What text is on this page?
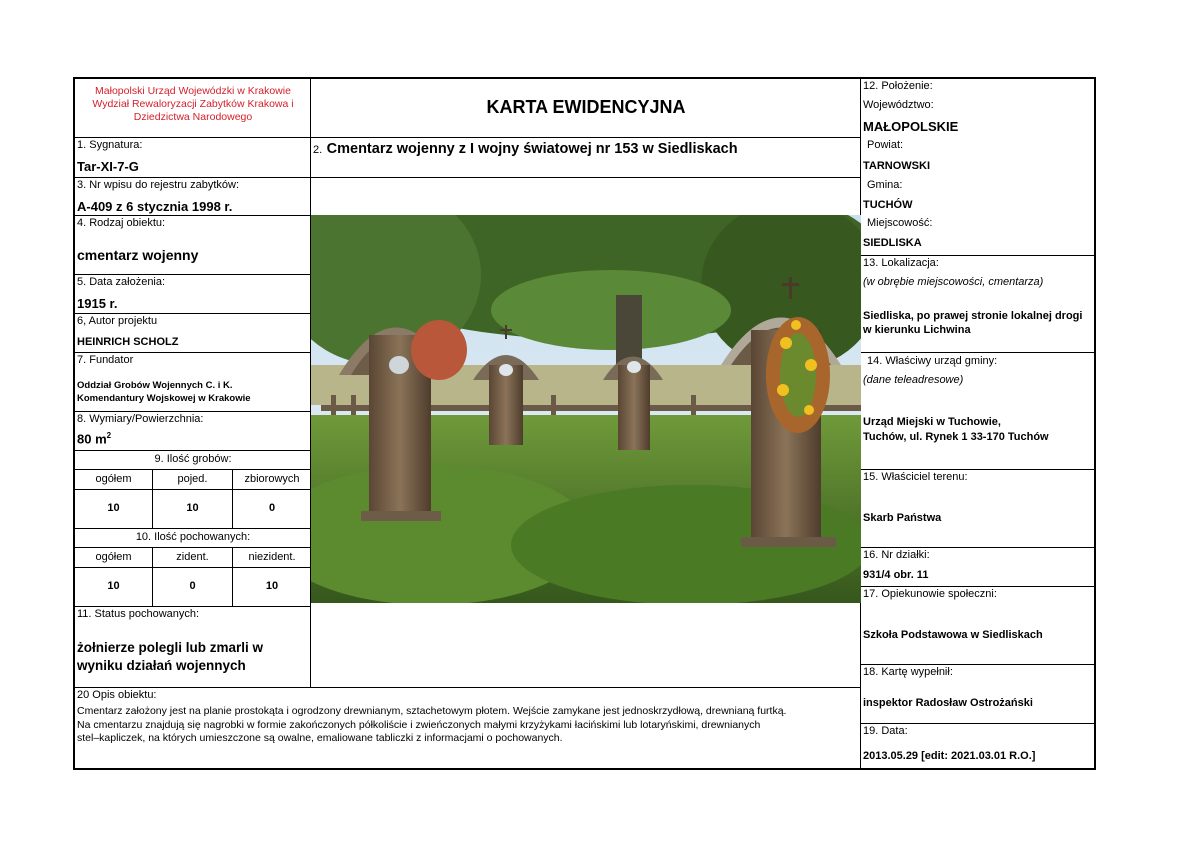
Małopolski Urząd Wojewódzki w Krakowie
Wydział Rewaloryzacji Zabytków Krakowa i
Dziedzictwa Narodowego
1. Sygnatura:
Tar-XI-7-G
3. Nr wpisu do rejestru zabytków:
A-409 z 6 stycznia 1998 r.
4. Rodzaj obiektu:
cmentarz wojenny
5. Data założenia:
1915 r.
6, Autor projektu
HEINRICH SCHOLZ
7. Fundator
Oddział Grobów Wojennych C. i K.
Komendantury Wojskowej w Krakowie
8. Wymiary/Powierzchnia:
80 $m^2$
9. Ilość grobów:
ogółem	pojed.	zbiorowych
10	10	0
10. Ilość pochowanych:
ogółem	zident.	niezident.
10	0	10
11. Status pochowanych:
żołnierze polegli lub zmarli w
wyniku działań wojennych
KARTA EWIDENCYJNA
2. Cmentarz wojenny z I wojny światowej nr 153 w Siedliskach
12. Położenie:
Województwo:
MAŁOPOLSKIE
Powiat:
TARNOWSKI
Gmina:
TUCHÓW
Miejscowość:
SIEDLISKA
13. Lokalizacja:
(w obrębie miejscowości, cmentarza)
Siedliska, po prawej stronie lokalnej drogi
w kierunku Lichwina
14. Właściwy urząd gminy:
(dane teleadresowe)
Urząd Miejski w Tuchowie,
Tuchów, ul. Rynek 1 33-170 Tuchów
15. Właściciel terenu:
Skarb Państwa
16. Nr działki:
931/4 obr. 11
17. Opiekunowie społeczni:
Szkoła Podstawowa w Siedliskach
18. Kartę wypełnił:
inspektor Radosław Ostrożański
19. Data:
2013.05.29 [edit: 2021.03.01 R.O.]
20 Opis obiektu:
Cmentarz założony jest na planie prostokąta i ogrodzony drewnianym, sztachetowym płotem. Wejście zamykane jest jednoskrzydłową, drewnianą furtką.
Na cmentarzu znajdują się nagrobki w formie zakończonych półkoliście i zwieńczonych małymi krzyżykami łacińskimi lub lotaryńskimi, drewnianych
stel–kapliczek, na których umieszczone są owalne, emaliowane tabliczki z informacjami o pochowanych.
